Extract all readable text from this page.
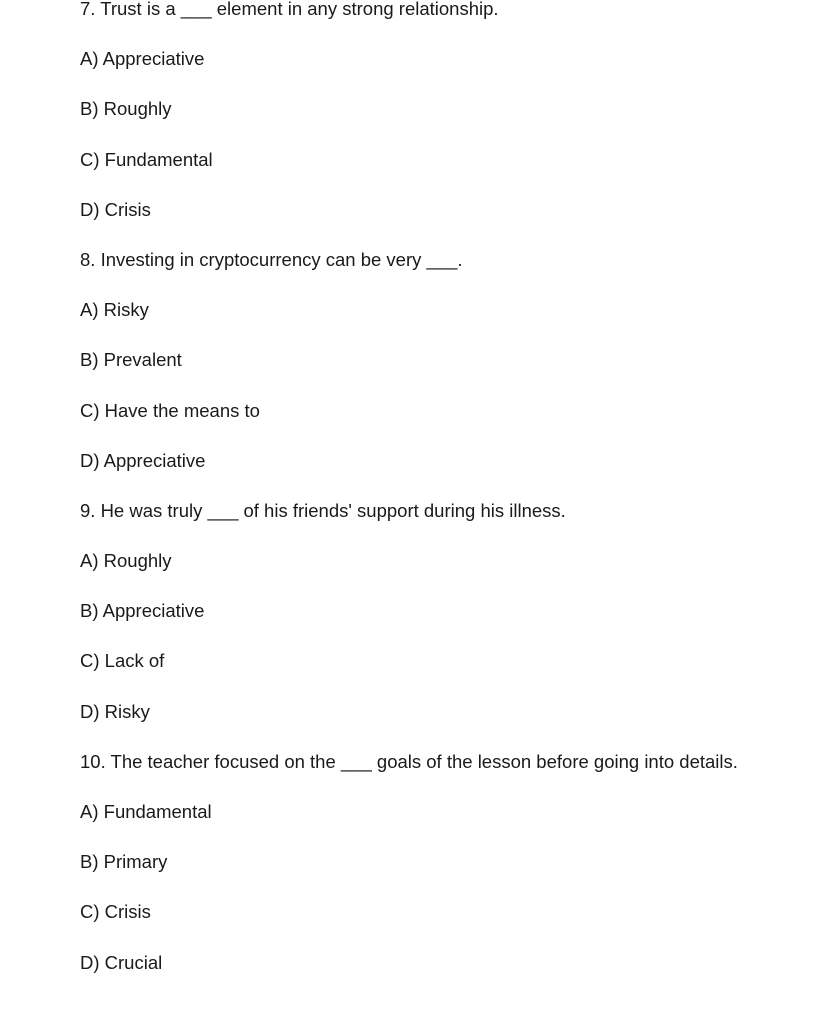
7. Trust is a ___ element in any strong relationship.
A) Appreciative
B) Roughly
C) Fundamental
D) Crisis
8. Investing in cryptocurrency can be very ___.
A) Risky
B) Prevalent
C) Have the means to
D) Appreciative
9. He was truly ___ of his friends' support during his illness.
A) Roughly
B) Appreciative
C) Lack of
D) Risky
10. The teacher focused on the ___ goals of the lesson before going into details.
A) Fundamental
B) Primary
C) Crisis
D) Crucial
